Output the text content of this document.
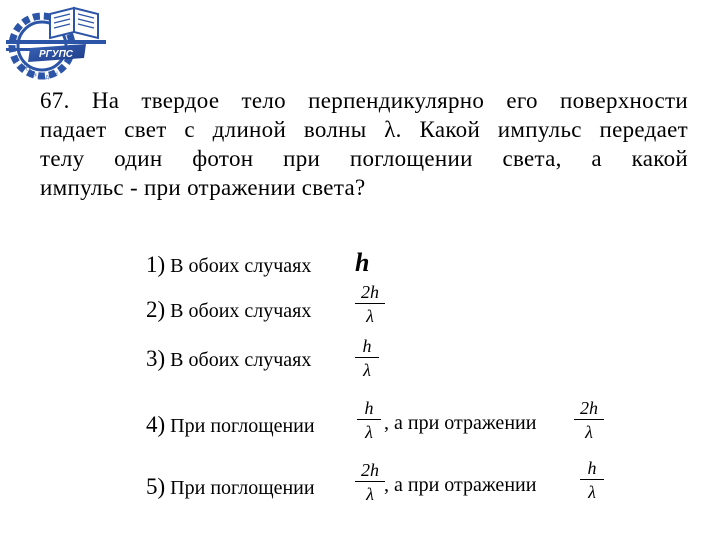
РГУПС
РОСТОВ-НА-ДОНУ
67. На твердое тело перпендикулярно его поверхности
падает свет с длиной волны λ. Какой импульс передает
телу один фотон при поглощении света, а какой
импульс - при отражении света?
1) В обоих случаях h
2) В обоих случаях
2h
λ
3) В обоих случаях
h
λ
4) При поглощении
h
λ , а при отражении
2h
λ
5) При поглощении
2h
λ , а при отражении
h
λ
